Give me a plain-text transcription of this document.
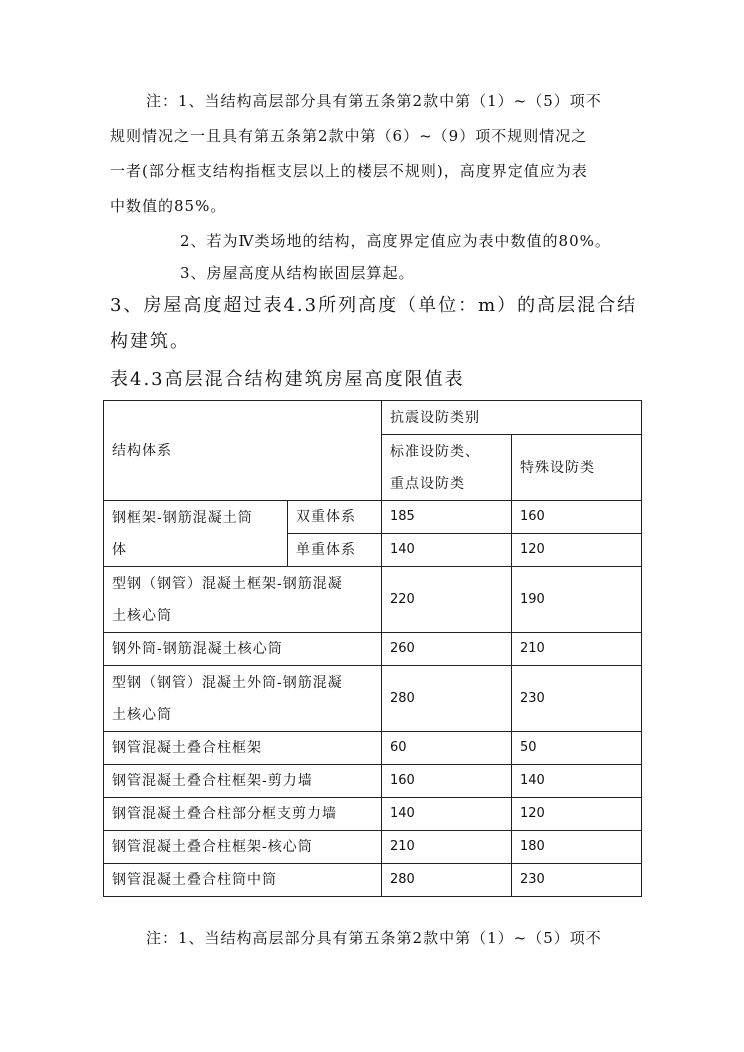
注：1、当结构高层部分具有第五条第2款中第（1）~（5）项不

规则情况之一且具有第五条第2款中第（6）~（9）项不规则情况之

一者(部分框支结构指框支层以上的楼层不规则)，高度界定值应为表

中数值的85%。

2、若为Ⅳ类场地的结构，高度界定值应为表中数值的80%。

3、房屋高度从结构嵌固层算起。

3、房屋高度超过表4.3所列高度（单位：m）的高层混合结

构建筑。

表4.3高层混合结构建筑房屋高度限值表

结构体系		抗震设防类别	

		标准设防类、
重点设防类	特殊设防类

钢框架-钢筋混凝土筒
体	双重体系	185	160
	单重体系	140	120

型钢（钢管）混凝土框架-钢筋混凝
土核心筒		220	190
钢外筒-钢筋混凝土核心筒		260	210

型钢（钢管）混凝土外筒-钢筋混凝
土核心筒		280	230
钢管混凝土叠合柱框架		60	50
钢管混凝土叠合柱框架-剪力墙		160	140
钢管混凝土叠合柱部分框支剪力墙		140	120
钢管混凝土叠合柱框架-核心筒		210	180
钢管混凝土叠合柱筒中筒		280	230

注：1、当结构高层部分具有第五条第2款中第（1）~（5）项不
